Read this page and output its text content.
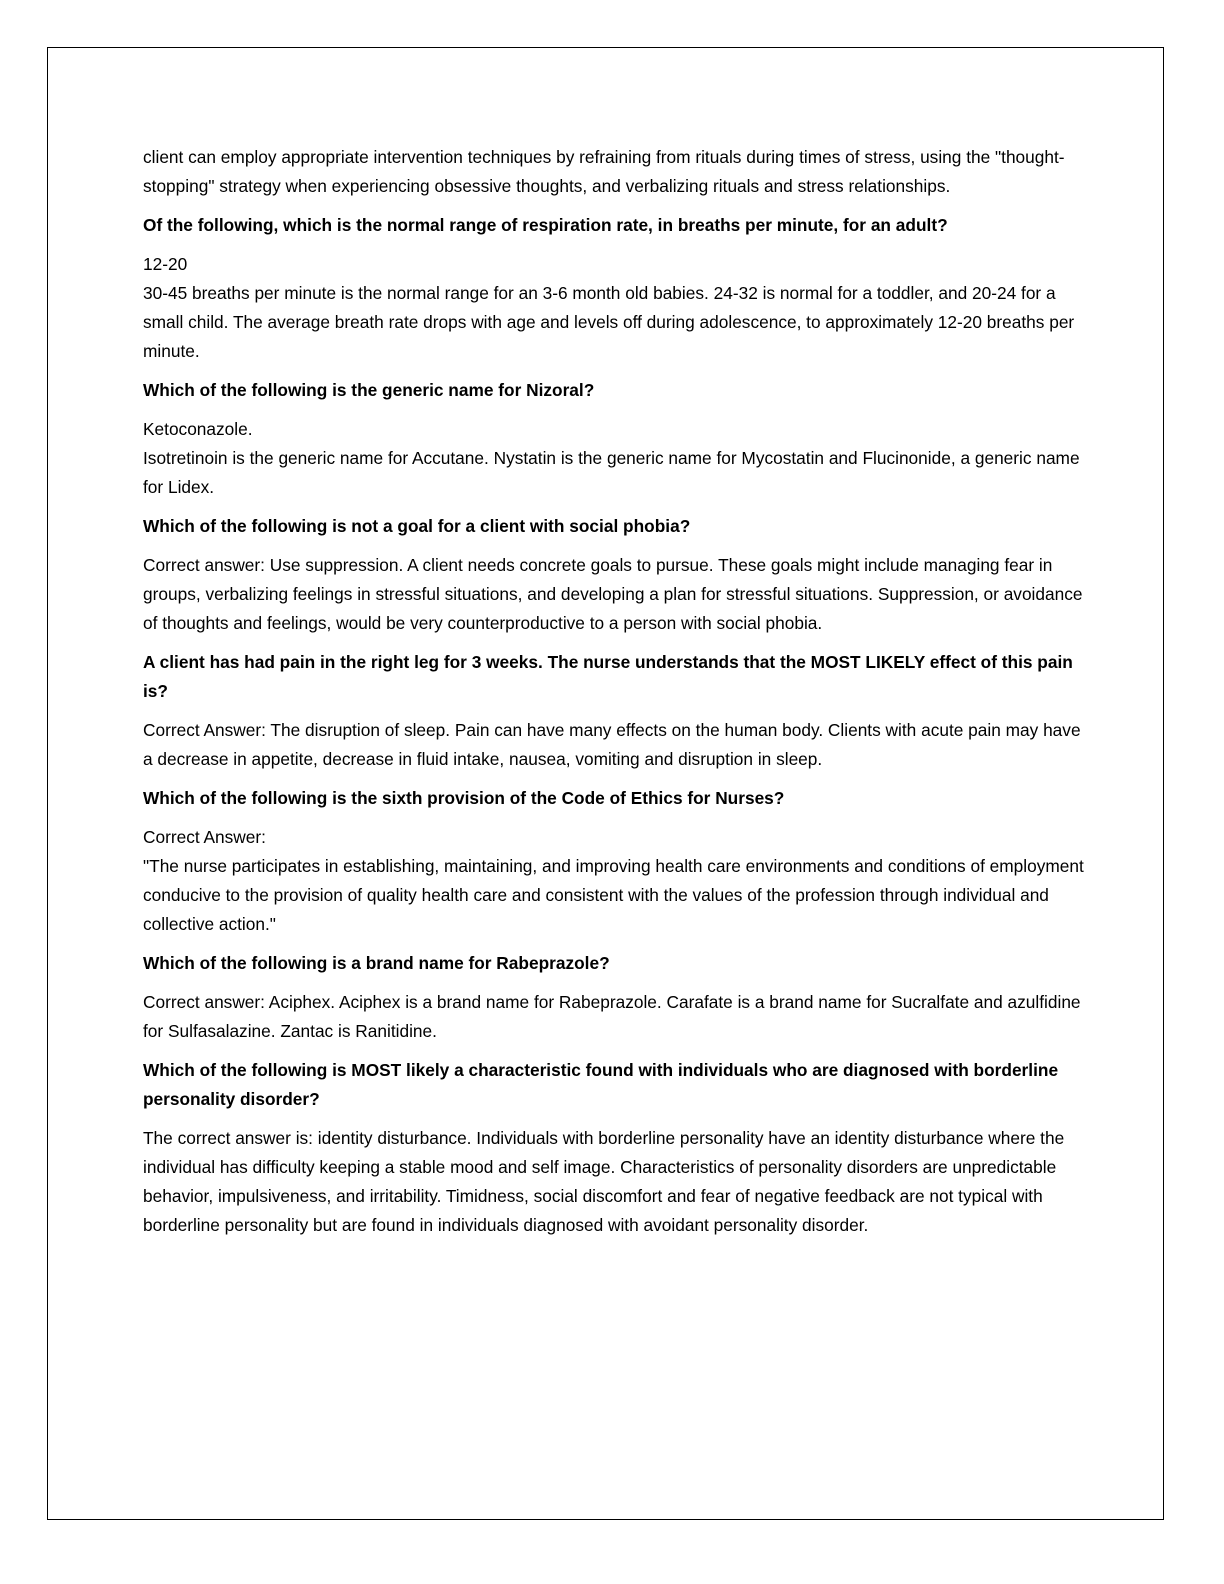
client can employ appropriate intervention techniques by refraining from rituals during times of stress, using the "thought-stopping" strategy when experiencing obsessive thoughts, and verbalizing rituals and stress relationships.

Of the following, which is the normal range of respiration rate, in breaths per minute, for an adult?

12-20
30-45 breaths per minute is the normal range for an 3-6 month old babies. 24-32 is normal for a toddler, and 20-24 for a small child. The average breath rate drops with age and levels off during adolescence, to approximately 12-20 breaths per minute.

Which of the following is the generic name for Nizoral?

Ketoconazole.
Isotretinoin is the generic name for Accutane. Nystatin is the generic name for Mycostatin and Flucinonide, a generic name for Lidex.

Which of the following is not a goal for a client with social phobia?

Correct answer: Use suppression. A client needs concrete goals to pursue. These goals might include managing fear in groups, verbalizing feelings in stressful situations, and developing a plan for stressful situations. Suppression, or avoidance of thoughts and feelings, would be very counterproductive to a person with social phobia.

A client has had pain in the right leg for 3 weeks. The nurse understands that the MOST LIKELY effect of this pain is?

Correct Answer: The disruption of sleep. Pain can have many effects on the human body. Clients with acute pain may have a decrease in appetite, decrease in fluid intake, nausea, vomiting and disruption in sleep.

Which of the following is the sixth provision of the Code of Ethics for Nurses?

Correct Answer:
"The nurse participates in establishing, maintaining, and improving health care environments and conditions of employment conducive to the provision of quality health care and consistent with the values of the profession through individual and collective action."

Which of the following is a brand name for Rabeprazole?

Correct answer: Aciphex. Aciphex is a brand name for Rabeprazole. Carafate is a brand name for Sucralfate and azulfidine for Sulfasalazine. Zantac is Ranitidine.

Which of the following is MOST likely a characteristic found with individuals who are diagnosed with borderline personality disorder?

The correct answer is: identity disturbance. Individuals with borderline personality have an identity disturbance where the individual has difficulty keeping a stable mood and self image. Characteristics of personality disorders are unpredictable behavior, impulsiveness, and irritability. Timidness, social discomfort and fear of negative feedback are not typical with borderline personality but are found in individuals diagnosed with avoidant personality disorder.
